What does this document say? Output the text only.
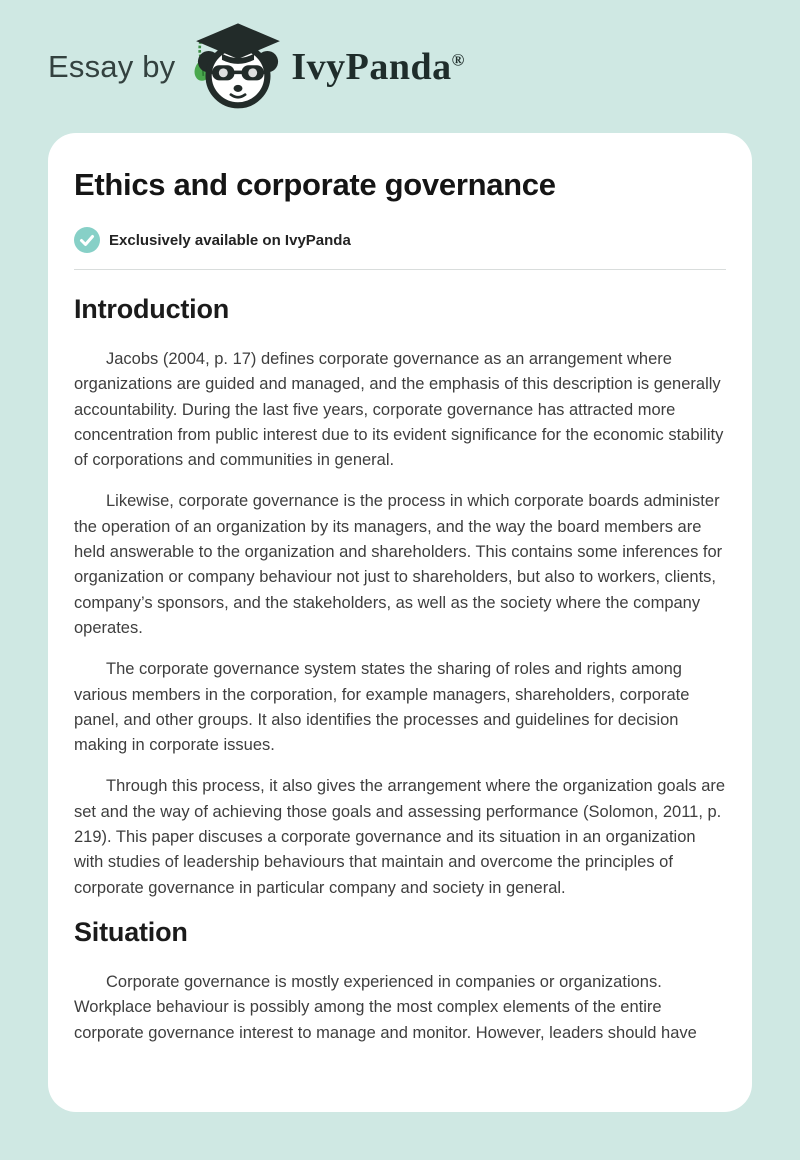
Essay by	IvyPanda®
Ethics and corporate governance
Exclusively available on IvyPanda
Introduction

Jacobs (2004, p. 17) defines corporate governance as an arrangement where organizations are guided and managed, and the emphasis of this description is generally accountability. During the last five years, corporate governance has attracted more concentration from public interest due to its evident significance for the economic stability of corporations and communities in general.

Likewise, corporate governance is the process in which corporate boards administer the operation of an organization by its managers, and the way the board members are held answerable to the organization and shareholders. This contains some inferences for organization or company behaviour not just to shareholders, but also to workers, clients, company’s sponsors, and the stakeholders, as well as the society where the company operates.

The corporate governance system states the sharing of roles and rights among various members in the corporation, for example managers, shareholders, corporate panel, and other groups. It also identifies the processes and guidelines for decision making in corporate issues.

Through this process, it also gives the arrangement where the organization goals are set and the way of achieving those goals and assessing performance (Solomon, 2011, p. 219). This paper discuses a corporate governance and its situation in an organization with studies of leadership behaviours that maintain and overcome the principles of corporate governance in particular company and society in general.

Situation

Corporate governance is mostly experienced in companies or organizations. Workplace behaviour is possibly among the most complex elements of the entire corporate governance interest to manage and monitor. However, leaders should have
